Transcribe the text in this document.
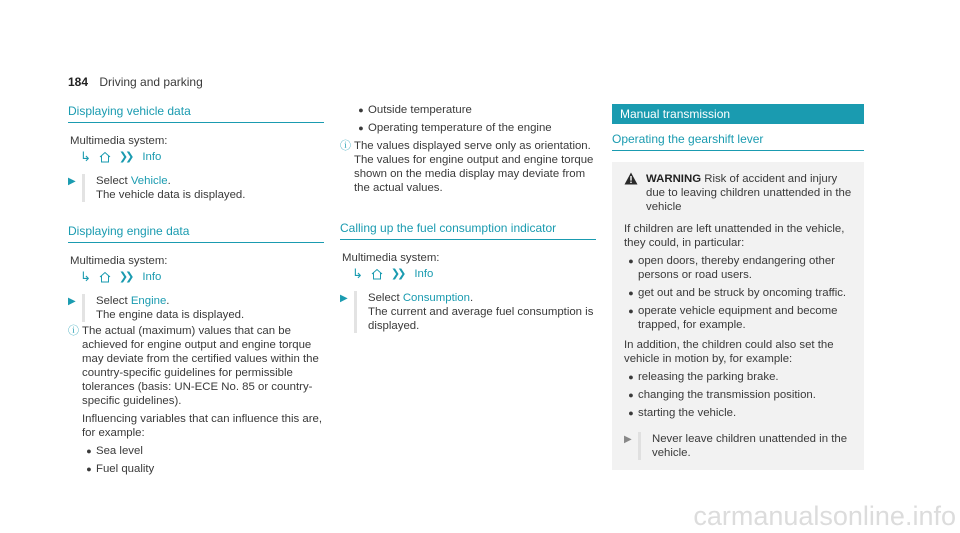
184 Driving and parking
Displaying vehicle data
Multimedia system:
↳	❯❯ Info
▶	Select Vehicle.
The vehicle data is displayed.
Displaying engine data
Multimedia system:
↳	❯❯ Info
▶	Select Engine.
The engine data is displayed.
ⓘ The actual (maximum) values that can be achieved for engine output and engine torque may deviate from the certified values within the country-specific guidelines for permissible tolerances (basis: UN-ECE No. 85 or country-specific guidelines).
Influencing variables that can influence this are, for example:
● Sea level
● Fuel quality
● Outside temperature
● Operating temperature of the engine
ⓘ The values displayed serve only as orientation. The values for engine output and engine torque shown on the media display may deviate from the actual values.
Calling up the fuel consumption indicator
Multimedia system:
↳	❯❯ Info
▶	Select Consumption.
The current and average fuel consumption is displayed.
Manual transmission
Operating the gearshift lever
WARNING Risk of accident and injury due to leaving children unattended in the vehicle
If children are left unattended in the vehicle, they could, in particular:
● open doors, thereby endangering other persons or road users.
● get out and be struck by oncoming traffic.
● operate vehicle equipment and become trapped, for example.
In addition, the children could also set the vehicle in motion by, for example:
● releasing the parking brake.
● changing the transmission position.
● starting the vehicle.
▶	Never leave children unattended in the vehicle.
carmanualsonline.info
